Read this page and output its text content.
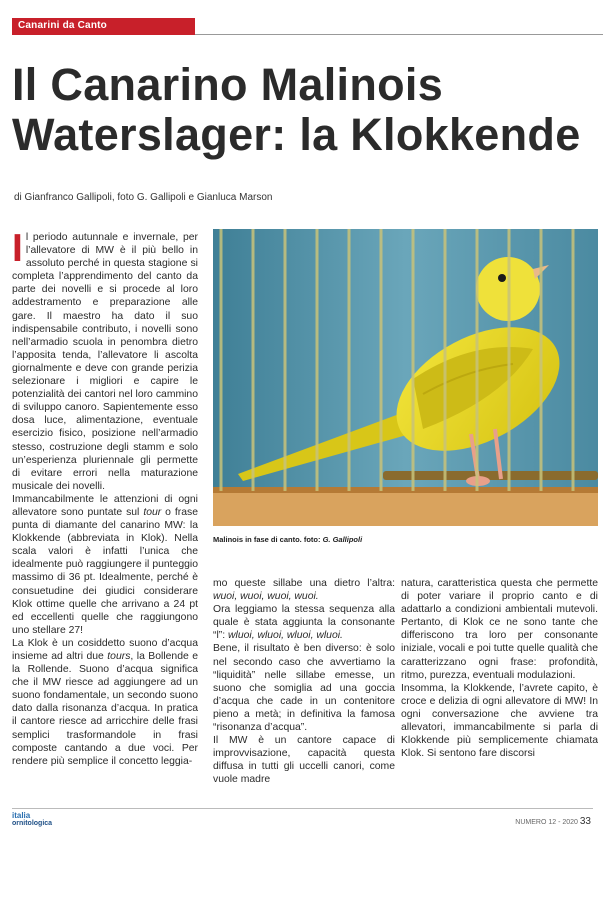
Canarini da Canto
Il Canarino Malinois
Waterslager: la Klokkende
di Gianfranco Gallipoli, foto G. Gallipoli e Gianluca Marson

Il periodo autunnale e invernale, per l’allevatore di MW è il più bello in assoluto perché in questa stagione si completa l’apprendimento del canto da parte dei novelli e si procede al loro addestramento e preparazione alle gare. Il maestro ha dato il suo indispensabile contributo, i novelli sono nell’armadio scuola in penombra dietro l’apposita tenda, l’allevatore li ascolta giornalmente e deve con grande perizia selezionare i migliori e capire le potenzialità dei cantori nel loro cammino di sviluppo canoro. Sapientemente esso dosa luce, alimentazione, eventuale esercizio fisico, posizione nell’armadio stesso, costruzione degli stamm e solo un’esperienza pluriennale gli permette di evitare errori nella maturazione musicale dei novelli.

Immancabilmente le attenzioni di ogni allevatore sono puntate sul tour o frase punta di diamante del canarino MW: la Klokkende (abbreviata in Klok). Nella scala valori è infatti l’unica che idealmente può raggiungere il punteggio massimo di 36 pt. Idealmente, perché è consuetudine dei giudici considerare Klok ottime quelle che arrivano a 24 pt ed eccellenti quelle che raggiungono uno stellare 27!

La Klok è un cosiddetto suono d’acqua insieme ad altri due tours, la Bollende e la Rollende. Suono d’acqua significa che il MW riesce ad aggiungere ad un suono fondamentale, un secondo suono dato dalla risonanza d’acqua. In pratica il cantore riesce ad arricchire delle frasi semplici trasformandole in frasi composte cantando a due voci. Per rendere più semplice il concetto leggia-

Malinois in fase di canto. foto: G. Gallipoli

mo queste sillabe una dietro l’altra: wuoi, wuoi, wuoi, wuoi.

Ora leggiamo la stessa sequenza alla quale è stata aggiunta la consonante “l”: wluoi, wluoi, wluoi, wluoi.

Bene, il risultato è ben diverso: è solo nel secondo caso che avvertiamo la “liquidità” nelle sillabe emesse, un suono che somiglia ad una goccia d’acqua che cade in un contenitore pieno a metà; in definitiva la famosa “risonanza d’acqua”.

Il MW è un cantore capace di improvvisazione, capacità questa diffusa in tutti gli uccelli canori, come vuole madre

natura, caratteristica questa che permette di poter variare il proprio canto e di adattarlo a condizioni ambientali mutevoli. Pertanto, di Klok ce ne sono tante che differiscono tra loro per consonante iniziale, vocali e poi tutte quelle qualità che caratterizzano ogni frase: profondità, ritmo, purezza, eventuali modulazioni.

Insomma, la Klokkende, l’avrete capito, è croce e delizia di ogni allevatore di MW! In ogni conversazione che avviene tra allevatori, immancabilmente si parla di Klokkende più semplicemente chiamata Klok. Si sentono fare discorsi

italia
ornitologica	NUMERO 12 - 2020 33
